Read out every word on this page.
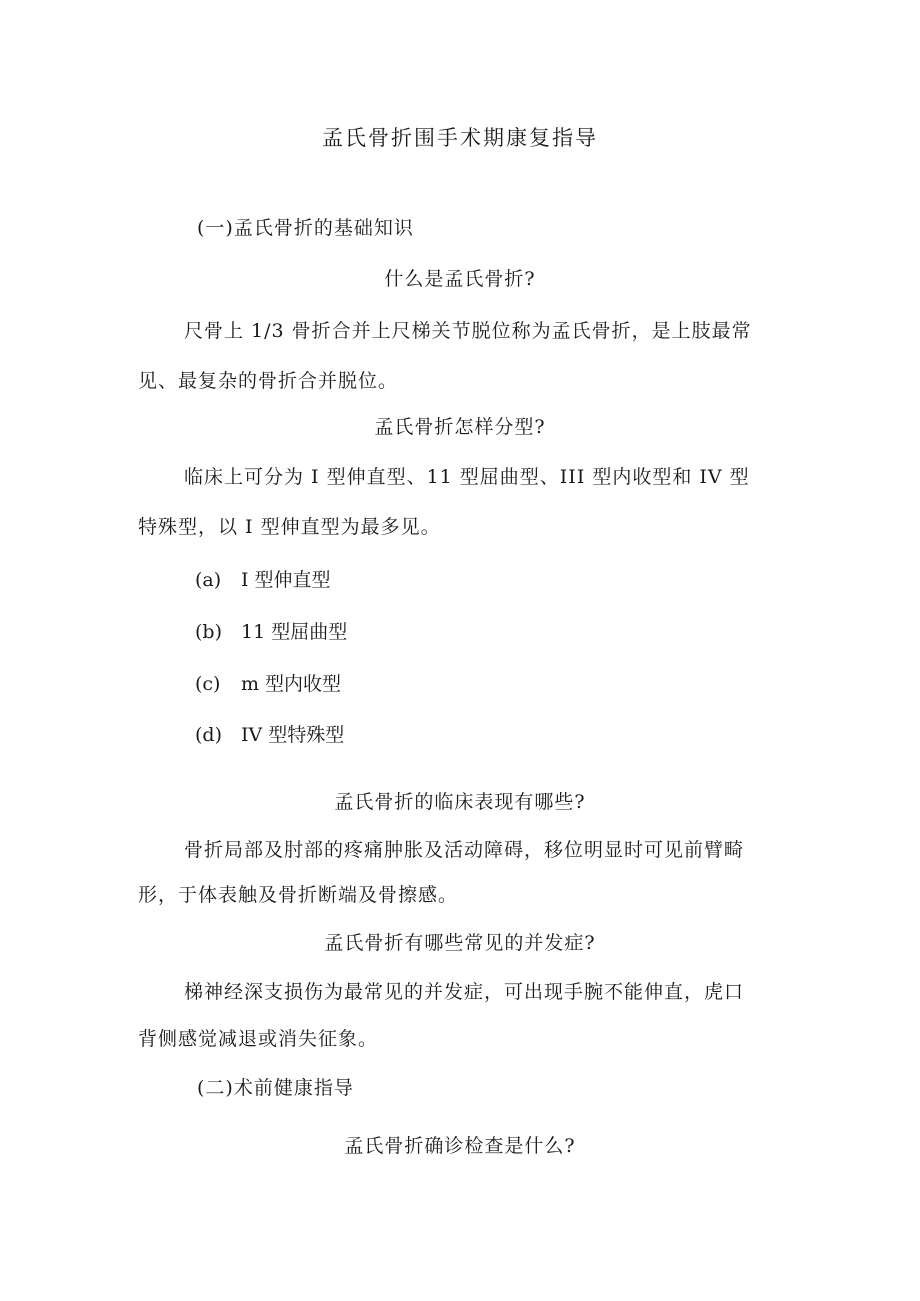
孟氏骨折围手术期康复指导
(一)孟氏骨折的基础知识
什么是孟氏骨折?
尺骨上 1/3 骨折合并上尺梯关节脱位称为孟氏骨折，是上肢最常
见、最复杂的骨折合并脱位。
孟氏骨折怎样分型?
临床上可分为 I 型伸直型、11 型屈曲型、III 型内收型和 IV 型
特殊型，以 I 型伸直型为最多见。
(a) I 型伸直型
(b) 11 型屈曲型
(c) m 型内收型
(d) IV 型特殊型
孟氏骨折的临床表现有哪些?
骨折局部及肘部的疼痛肿胀及活动障碍，移位明显时可见前臂畸
形，于体表触及骨折断端及骨擦感。
孟氏骨折有哪些常见的并发症?
梯神经深支损伤为最常见的并发症，可出现手腕不能伸直，虎口
背侧感觉减退或消失征象。
(二)术前健康指导
孟氏骨折确诊检查是什么?
